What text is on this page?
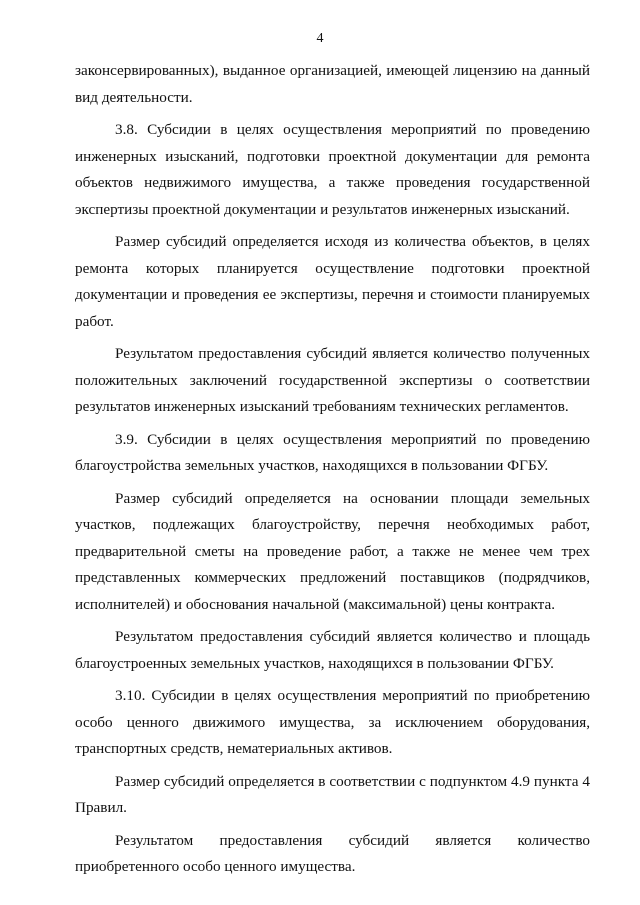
4

законсервированных), выданное организацией, имеющей лицензию на данный вид деятельности.

3.8. Субсидии в целях осуществления мероприятий по проведению инженерных изысканий, подготовки проектной документации для ремонта объектов недвижимого имущества, а также проведения государственной экспертизы проектной документации и результатов инженерных изысканий.

Размер субсидий определяется исходя из количества объектов, в целях ремонта которых планируется осуществление подготовки проектной документации и проведения ее экспертизы, перечня и стоимости планируемых работ.

Результатом предоставления субсидий является количество полученных положительных заключений государственной экспертизы о соответствии результатов инженерных изысканий требованиям технических регламентов.

3.9. Субсидии в целях осуществления мероприятий по проведению благоустройства земельных участков, находящихся в пользовании ФГБУ.

Размер субсидий определяется на основании площади земельных участков, подлежащих благоустройству, перечня необходимых работ, предварительной сметы на проведение работ, а также не менее чем трех представленных коммерческих предложений поставщиков (подрядчиков, исполнителей) и обоснования начальной (максимальной) цены контракта.

Результатом предоставления субсидий является количество и площадь благоустроенных земельных участков, находящихся в пользовании ФГБУ.

3.10. Субсидии в целях осуществления мероприятий по приобретению особо ценного движимого имущества, за исключением оборудования, транспортных средств, нематериальных активов.

Размер субсидий определяется в соответствии с подпунктом 4.9 пункта 4 Правил.

Результатом предоставления субсидий является количество приобретенного особо ценного имущества.
